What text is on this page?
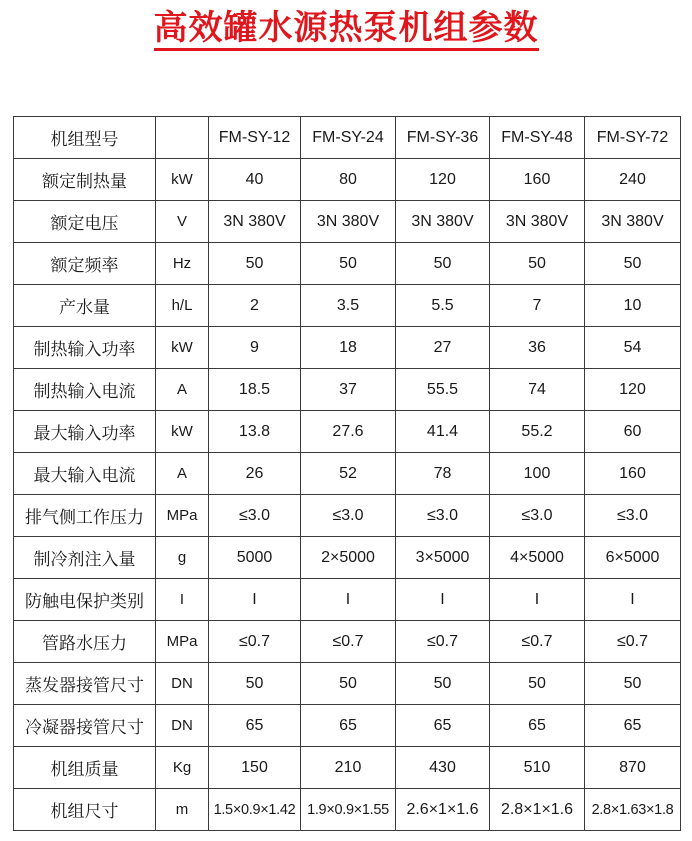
高效罐水源热泵机组参数
机组型号		FM-SY-12	FM-SY-24	FM-SY-36	FM-SY-48	FM-SY-72
额定制热量	kW	40	80	120	160	240
额定电压	V	3N 380V	3N 380V	3N 380V	3N 380V	3N 380V
额定频率	Hz	50	50	50	50	50
产水量	h/L	2	3.5	5.5	7	10
制热输入功率	kW	9	18	27	36	54
制热输入电流	A	18.5	37	55.5	74	120
最大输入功率	kW	13.8	27.6	41.4	55.2	60
最大输入电流	A	26	52	78	100	160
排气侧工作压力	MPa	≤3.0	≤3.0	≤3.0	≤3.0	≤3.0
制冷剂注入量	g	5000	2×5000	3×5000	4×5000	6×5000
防触电保护类别	I	I	I	I	I	I
管路水压力	MPa	≤0.7	≤0.7	≤0.7	≤0.7	≤0.7
蒸发器接管尺寸	DN	50	50	50	50	50
冷凝器接管尺寸	DN	65	65	65	65	65
机组质量	Kg	150	210	430	510	870
机组尺寸	m	1.5×0.9×1.42	1.9×0.9×1.55	2.6×1×1.6	2.8×1×1.6	2.8×1.63×1.8
